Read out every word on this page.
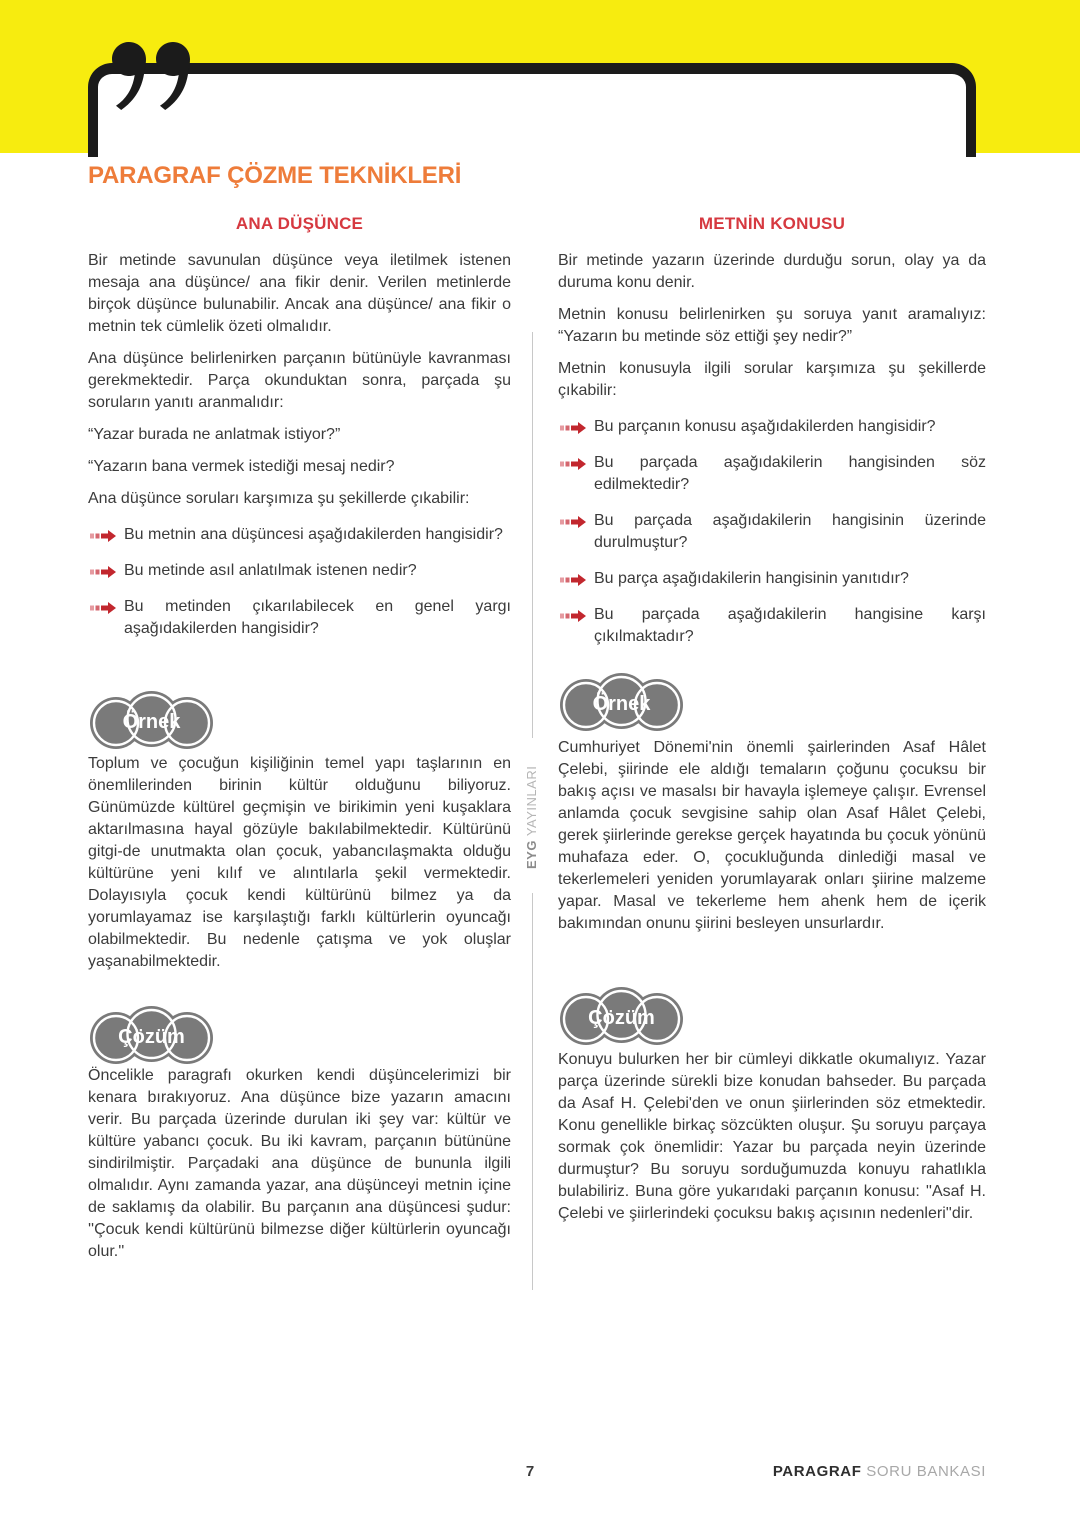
PARAGRAF ÇÖZME TEKNİKLERİ
ANA DÜŞÜNCE

Bir metinde savunulan düşünce veya iletilmek istenen mesaja ana düşünce/ ana fikir denir. Verilen metinlerde birçok düşünce bulunabilir. Ancak ana düşünce/ ana fikir o metnin tek cümlelik özeti olmalıdır.

Ana düşünce belirlenirken parçanın bütünüyle kavranması gerekmektedir. Parça okunduktan sonra, parçada şu soruların yanıtı aranmalıdır:

“Yazar burada ne anlatmak istiyor?”

“Yazarın bana vermek istediği mesaj nedir?

Ana düşünce soruları karşımıza şu şekillerde çıkabilir:

Bu metnin ana düşüncesi aşağıdakilerden hangisidir?
Bu metinde asıl anlatılmak istenen nedir?
Bu metinden çıkarılabilecek en genel yargı aşağıdakilerden hangisidir?
METNİN KONUSU

Bir metinde yazarın üzerinde durduğu sorun, olay ya da duruma konu denir.

Metnin konusu belirlenirken şu soruya yanıt aramalıyız: “Yazarın bu metinde söz ettiği şey nedir?”

Metnin konusuyla ilgili sorular karşımıza şu şekillerde çıkabilir:

Bu parçanın konusu aşağıdakilerden hangisidir?
Bu parçada aşağıdakilerin hangisinden söz edilmektedir?
Bu parçada aşağıdakilerin hangisinin üzerinde durulmuştur?
Bu parça aşağıdakilerin hangisinin yanıtıdır?
Bu parçada aşağıdakilerin hangisine karşı çıkılmaktadır?
Örnek
Örnek
Çözüm
Çözüm
Toplum ve çocuğun kişiliğinin temel yapı taşlarının en önemlilerinden birinin kültür olduğunu biliyoruz. Günümüzde kültürel geçmişin ve birikimin yeni kuşaklara aktarılmasına hayal gözüyle bakılabilmektedir. Kültürünü gitgi-de unutmakta olan çocuk, yabancılaşmakta olduğu kültürüne yeni kılıf ve alıntılarla şekil vermektedir. Dolayısıyla çocuk kendi kültürünü bilmez ya da yorumlayamaz ise karşılaştığı farklı kültürlerin oyuncağı olabilmektedir. Bu nedenle çatışma ve yok oluşlar yaşanabilmektedir.
Cumhuriyet Dönemi'nin önemli şairlerinden Asaf Hâlet Çelebi, şiirinde ele aldığı temaların çoğunu çocuksu bir bakış açısı ve masalsı bir havayla işlemeye çalışır. Evrensel anlamda çocuk sevgisine sahip olan Asaf Hâlet Çelebi, gerek şiirlerinde gerekse gerçek hayatında bu çocuk yönünü muhafaza eder. O, çocukluğunda dinlediği masal ve tekerlemeleri yeniden yorumlayarak onları şiirine malzeme yapar. Masal ve tekerleme hem ahenk hem de içerik bakımından onunu şiirini besleyen unsurlardır.
Öncelikle paragrafı okurken kendi düşüncelerimizi bir kenara bırakıyoruz. Ana düşünce bize yazarın amacını verir. Bu parçada üzerinde durulan iki şey var: kültür ve kültüre yabancı çocuk. Bu iki kavram, parçanın bütününe sindirilmiştir. Parçadaki ana düşünce de bununla ilgili olmalıdır. Aynı zamanda yazar, ana düşünceyi metnin içine de saklamış da olabilir. Bu parçanın ana düşüncesi şudur: ''Çocuk kendi kültürünü bilmezse diğer kültürlerin oyuncağı olur.''
Konuyu bulurken her bir cümleyi dikkatle okumalıyız. Yazar parça üzerinde sürekli bize konudan bahseder. Bu parçada da Asaf H. Çelebi'den ve onun şiirlerinden söz etmektedir. Konu genellikle birkaç sözcükten oluşur. Şu soruyu parçaya sormak çok önemlidir: Yazar bu parçada neyin üzerinde durmuştur? Bu soruyu sorduğumuzda konuyu rahatlıkla bulabiliriz. Buna göre yukarıdaki parçanın konusu: ''Asaf H. Çelebi ve şiirlerindeki çocuksu bakış açısının nedenleri''dir.
EYG YAYINLARI
7	PARAGRAF SORU BANKASI
